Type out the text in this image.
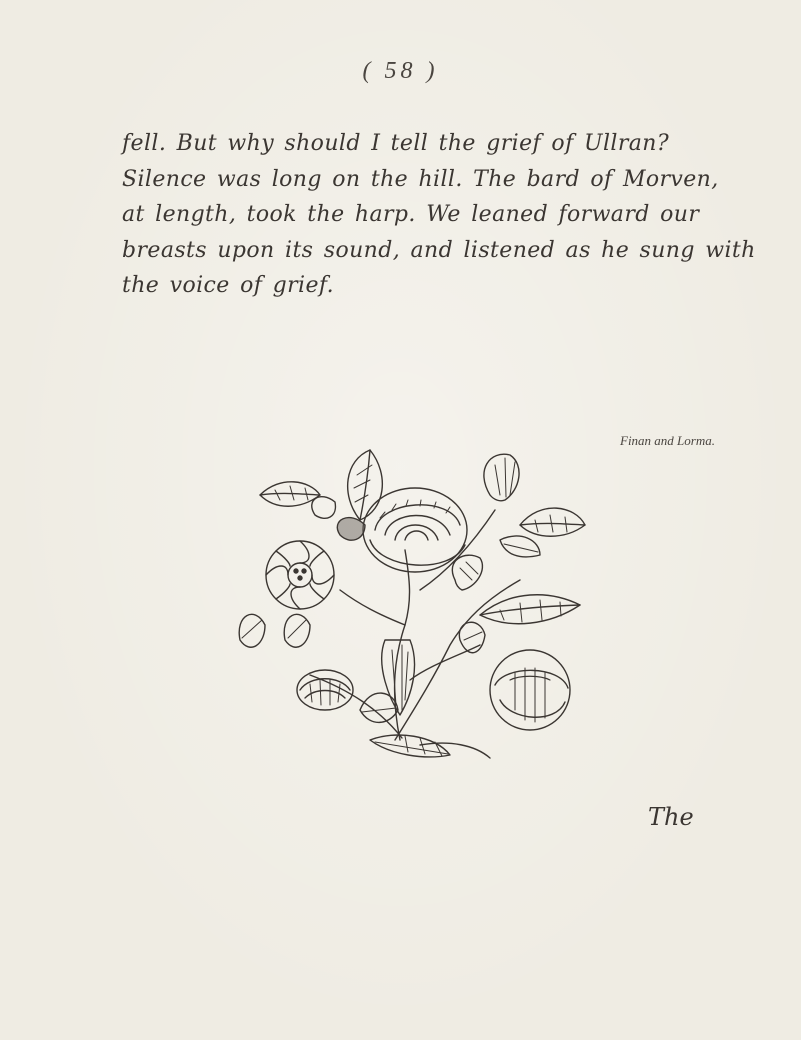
( 58 )
fell. But why should I tell the grief of Ullran?
Silence was long on the hill. The bard of Morven,
at length, took the harp. We leaned forward our
breasts upon its sound, and listened as he sung with
the voice of grief.
Finan and Lorma.
The
